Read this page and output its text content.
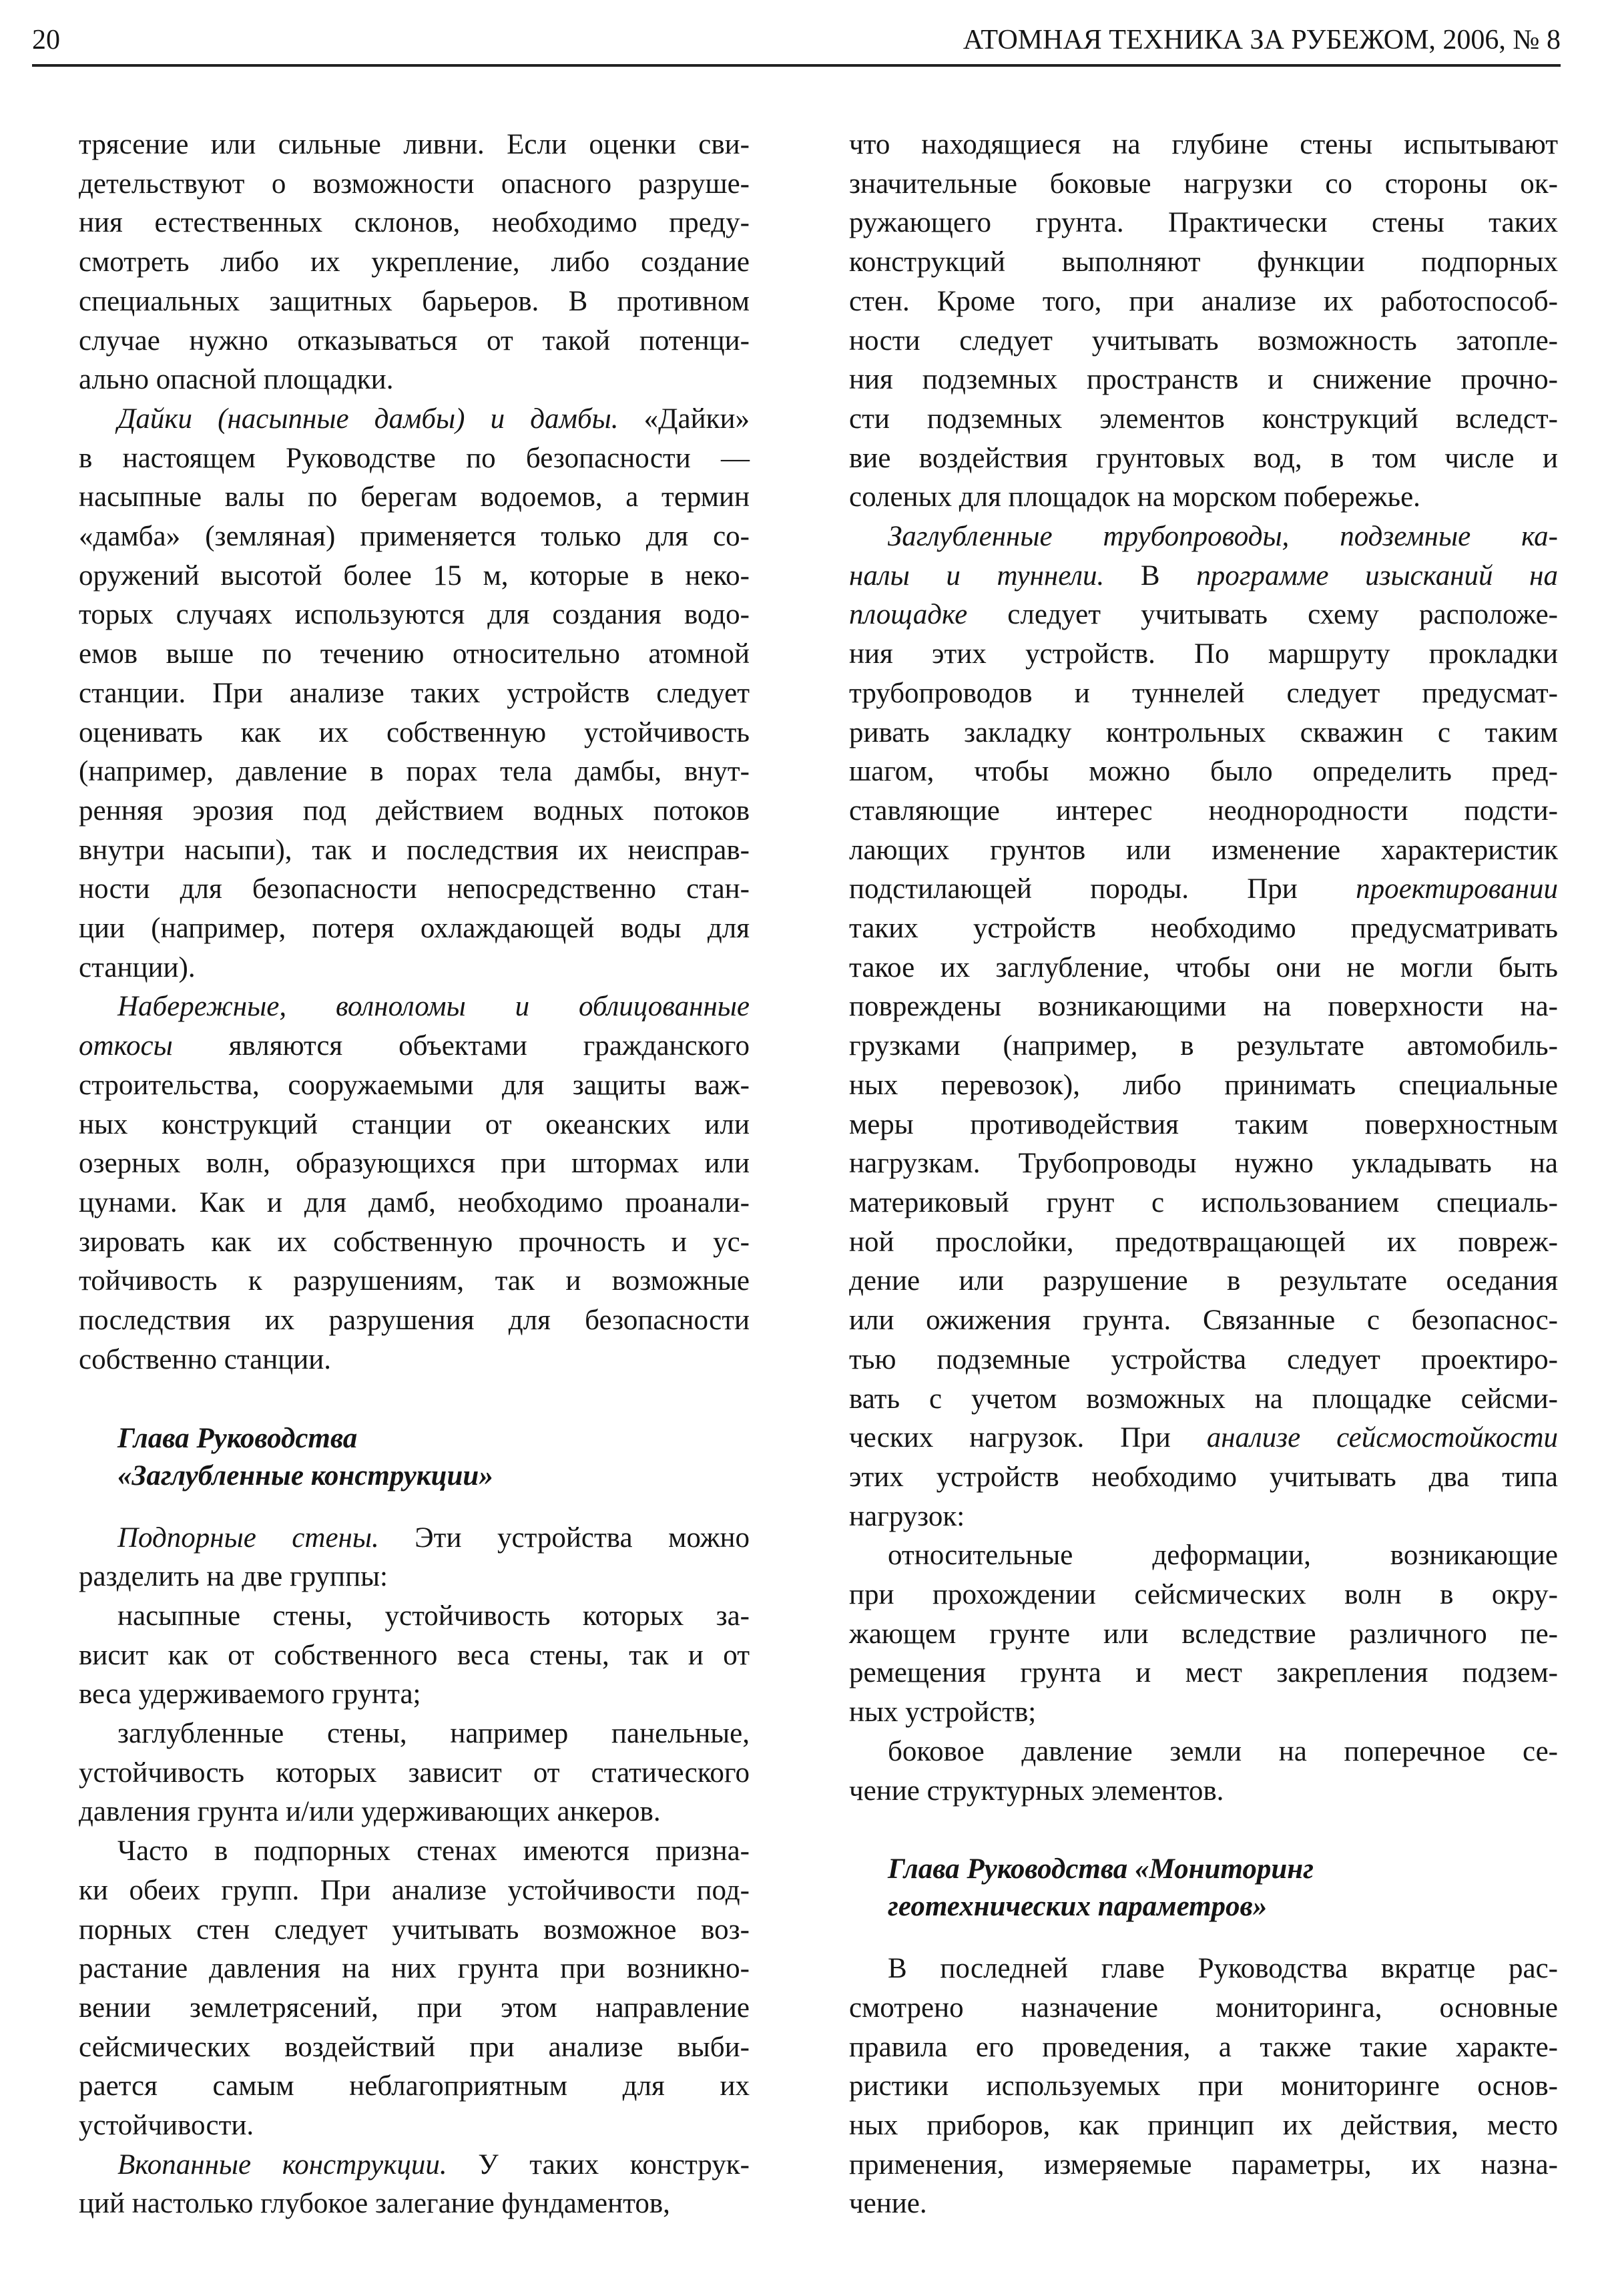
20	АТОМНАЯ ТЕХНИКА ЗА РУБЕЖОМ, 2006, № 8
трясение или сильные ливни. Если оценки сви-
детельствуют о возможности опасного разруше-
ния естественных склонов, необходимо преду-
смотреть либо их укрепление, либо создание
специальных защитных барьеров. В противном
случае нужно отказываться от такой потенци-
ально опасной площадки.
Дайки (насыпные дамбы) и дамбы. «Дайки»
в настоящем Руководстве по безопасности —
насыпные валы по берегам водоемов, а термин
«дамба» (земляная) применяется только для со-
оружений высотой более 15 м, которые в неко-
торых случаях используются для создания водо-
емов выше по течению относительно атомной
станции. При анализе таких устройств следует
оценивать как их собственную устойчивость
(например, давление в порах тела дамбы, внут-
ренняя эрозия под действием водных потоков
внутри насыпи), так и последствия их неисправ-
ности для безопасности непосредственно стан-
ции (например, потеря охлаждающей воды для
станции).
Набережные, волноломы и облицованные
откосы являются объектами гражданского
строительства, сооружаемыми для защиты важ-
ных конструкций станции от океанских или
озерных волн, образующихся при штормах или
цунами. Как и для дамб, необходимо проанали-
зировать как их собственную прочность и ус-
тойчивость к разрушениям, так и возможные
последствия их разрушения для безопасности
собственно станции.
Глава Руководства
«Заглубленные конструкции»
Подпорные стены. Эти устройства можно
разделить на две группы:
насыпные стены, устойчивость которых за-
висит как от собственного веса стены, так и от
веса удерживаемого грунта;
заглубленные стены, например панельные,
устойчивость которых зависит от статического
давления грунта и/или удерживающих анкеров.
Часто в подпорных стенах имеются призна-
ки обеих групп. При анализе устойчивости под-
порных стен следует учитывать возможное воз-
растание давления на них грунта при возникно-
вении землетрясений, при этом направление
сейсмических воздействий при анализе выби-
рается самым неблагоприятным для их
устойчивости.
Вкопанные конструкции. У таких конструк-
ций настолько глубокое залегание фундаментов,
что находящиеся на глубине стены испытывают
значительные боковые нагрузки со стороны ок-
ружающего грунта. Практически стены таких
конструкций выполняют функции подпорных
стен. Кроме того, при анализе их работоспособ-
ности следует учитывать возможность затопле-
ния подземных пространств и снижение прочно-
сти подземных элементов конструкций вследст-
вие воздействия грунтовых вод, в том числе и
соленых для площадок на морском побережье.
Заглубленные трубопроводы, подземные ка-
налы и туннели. В программе изысканий на
площадке следует учитывать схему расположе-
ния этих устройств. По маршруту прокладки
трубопроводов и туннелей следует предусмат-
ривать закладку контрольных скважин с таким
шагом, чтобы можно было определить пред-
ставляющие интерес неоднородности подсти-
лающих грунтов или изменение характеристик
подстилающей породы. При проектировании
таких устройств необходимо предусматривать
такое их заглубление, чтобы они не могли быть
повреждены возникающими на поверхности на-
грузками (например, в результате автомобиль-
ных перевозок), либо принимать специальные
меры противодействия таким поверхностным
нагрузкам. Трубопроводы нужно укладывать на
материковый грунт с использованием специаль-
ной прослойки, предотвращающей их повреж-
дение или разрушение в результате оседания
или ожижения грунта. Связанные с безопаснос-
тью подземные устройства следует проектиро-
вать с учетом возможных на площадке сейсми-
ческих нагрузок. При анализе сейсмостойкости
этих устройств необходимо учитывать два типа
нагрузок:
относительные деформации, возникающие
при прохождении сейсмических волн в окру-
жающем грунте или вследствие различного пе-
ремещения грунта и мест закрепления подзем-
ных устройств;
боковое давление земли на поперечное се-
чение структурных элементов.
Глава Руководства «Мониторинг
геотехнических параметров»
В последней главе Руководства вкратце рас-
смотрено назначение мониторинга, основные
правила его проведения, а также такие характе-
ристики используемых при мониторинге основ-
ных приборов, как принцип их действия, место
применения, измеряемые параметры, их назна-
чение.
